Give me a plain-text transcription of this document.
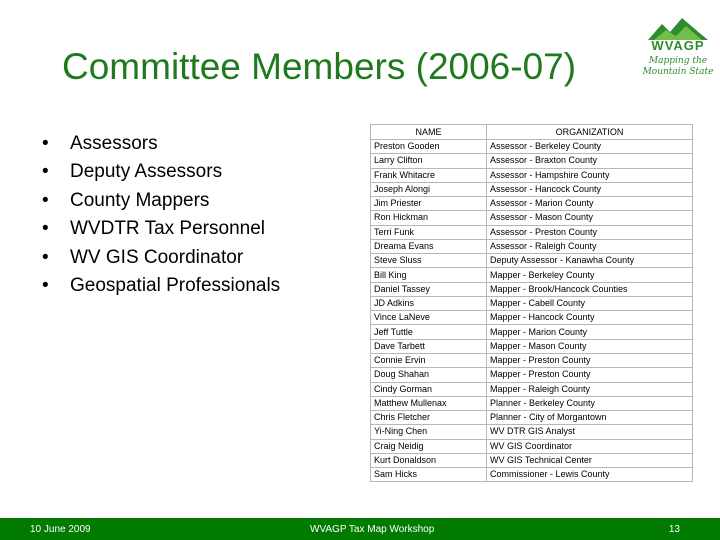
Committee Members (2006-07)
WVAGP
Mapping the
Mountain State
• Assessors
• Deputy Assessors
• County Mappers
• WVDTR Tax Personnel
• WV GIS Coordinator
• Geospatial Professionals
NAME	ORGANIZATION
Preston Gooden	Assessor - Berkeley County
Larry Clifton	Assessor - Braxton County
Frank Whitacre	Assessor - Hampshire County
Joseph Alongi	Assessor - Hancock County
Jim Priester	Assessor - Marion County
Ron Hickman	Assessor - Mason County
Terri Funk	Assessor - Preston County
Dreama Evans	Assessor - Raleigh County
Steve Sluss	Deputy Assessor - Kanawha County
Bill King	Mapper - Berkeley County
Daniel Tassey	Mapper - Brook/Hancock Counties
JD Adkins	Mapper - Cabell County
Vince LaNeve	Mapper - Hancock County
Jeff Tuttle	Mapper - Marion County
Dave Tarbett	Mapper - Mason County
Connie Ervin	Mapper - Preston County
Doug Shahan	Mapper - Preston County
Cindy Gorman	Mapper - Raleigh County
Matthew Mullenax	Planner - Berkeley County
Chris Fletcher	Planner - City of Morgantown
Yi-Ning Chen	WV DTR GIS Analyst
Craig Neidig	WV GIS Coordinator
Kurt Donaldson	WV GIS Technical Center
Sam Hicks	Commissioner - Lewis County
10 June 2009	WVAGP Tax Map Workshop	13
